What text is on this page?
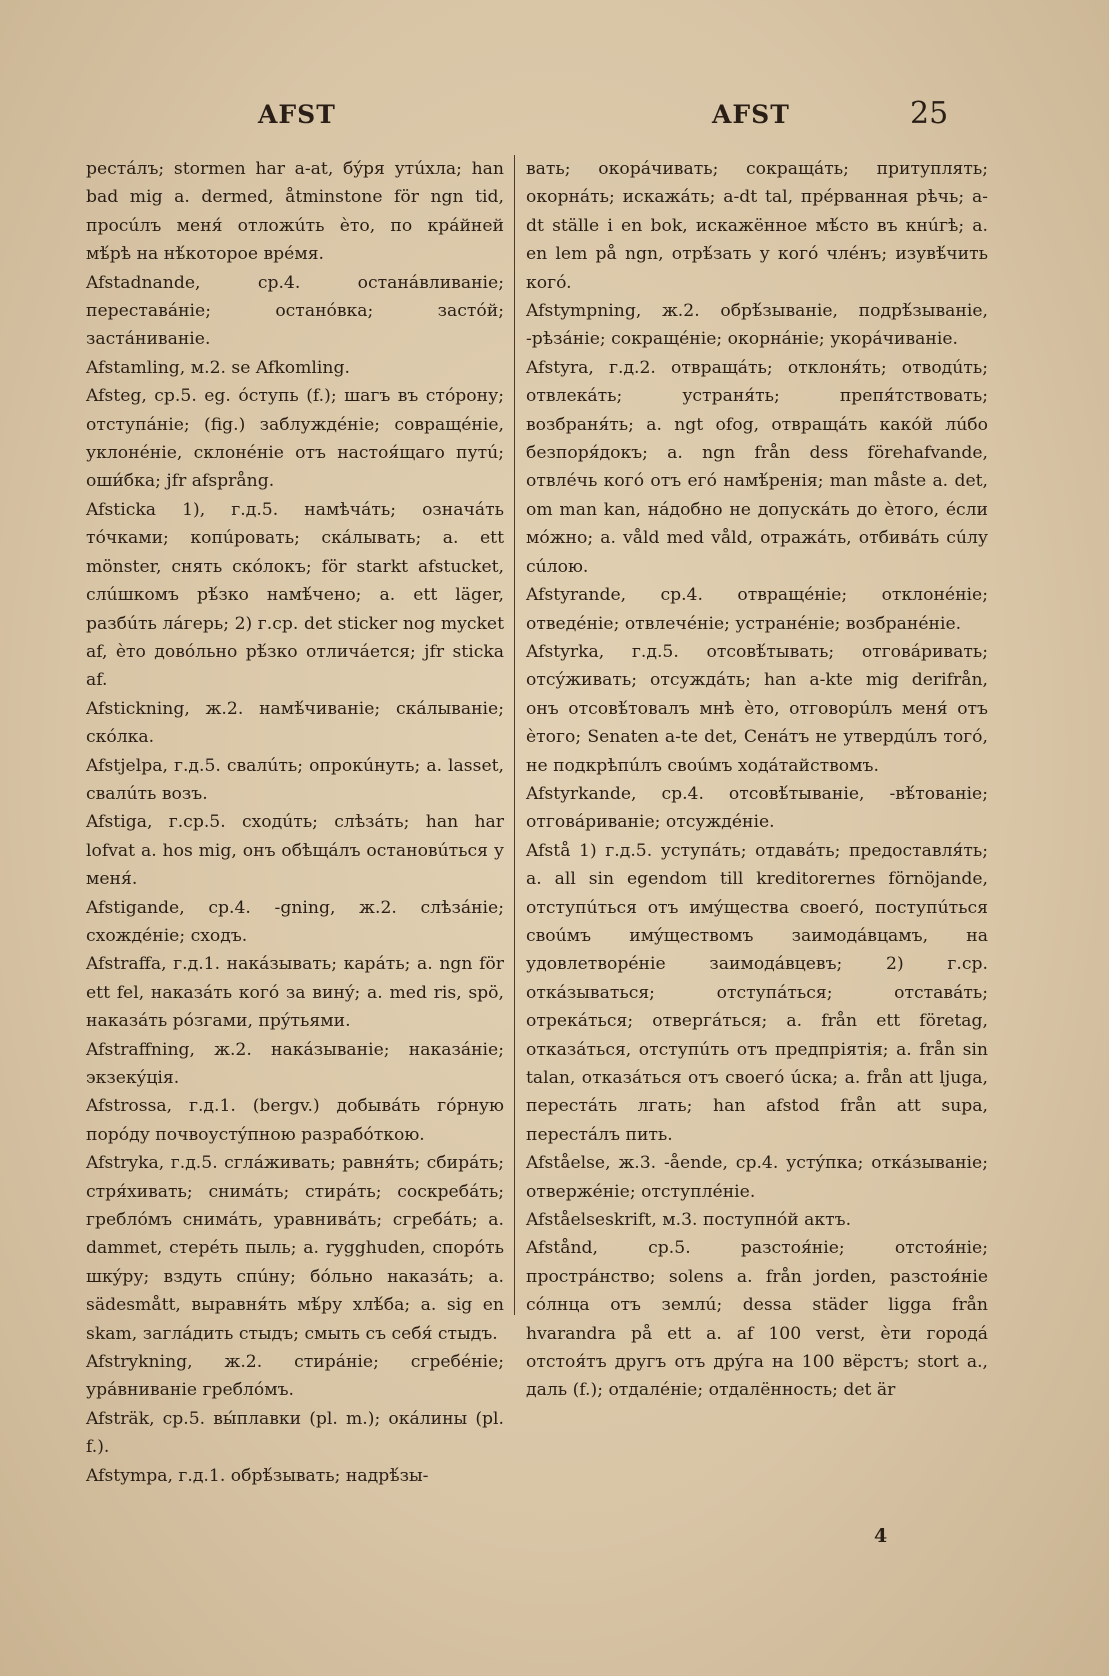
AFST	AFST	25

рестáлъ; stormen har a-at, бýря утúхла; han bad mig a. dermed, åtminstone för ngn tid, просúлъ меня́ отложúть ѐто, по крáйней мѣ́рѣ на нѣ́которое врéмя.

Afstadnande, ср.4. останáвливаніе; переставáніе; останóвка; застóй; застáниваніе.

Afstamling, м.2. se Afkomling.

Afsteg, ср.5. eg. óступь (f.); шагъ въ стóрону; отступáніе; (fig.) заблуждéніе; совращéніе, уклонéніе, склонéніе отъ настоя́щаго путú; оши́бка; jfr afsprång.

Afsticka 1), г.д.5. намѣчáть; означáть тóчками; копúровать; скáлывать; a. ett mönster, снять скóлокъ; för starkt afstucket, слúшкомъ рѣ́зко намѣ́чено; a. ett läger, разбúть лáгерь; 2) г.ср. det sticker nog mycket af, ѐто довóльно рѣ́зко отличáется; jfr sticka af.

Afstickning, ж.2. намѣ́чиваніе; скáлываніе; скóлка.

Afstjelpa, г.д.5. свалúть; опрокúнуть; a. lasset, свалúть возъ.

Afstiga, г.ср.5. сходúть; слѣзáть; han har lofvat a. hos mig, онъ обѣщáлъ остановúться у меня́.

Afstigande, ср.4. -gning, ж.2. слѣзáніе; схождéніе; сходъ.

Afstraffa, г.д.1. накáзывать; карáть; a. ngn för ett fel, наказáть когó за винý; a. med ris, spö, наказáть рóзгами, прýтьями.

Afstraffning, ж.2. накáзываніе; наказáніе; экзекýція.

Afstrossa, г.д.1. (bergv.) добывáть гóрную порóду почвоустýпною разрабóткою.

Afstryka, г.д.5. сглáживать; равня́ть; сбирáть; стря́хивать; снимáть; стирáть; соскребáть; греблóмъ снимáть, уравнивáть; сгребáть; a. dammet, стерéть пыль; a. rygghuden, спорóть шкýру; вздуть спúну; бóльно наказáть; a. sädesmått, выравня́ть мѣ́ру хлѣ́ба; a. sig en skam, заглáдить стыдъ; смыть съ себя́ стыдъ.

Afstrykning, ж.2. стирáніе; сгребéніе; урáвниваніе греблóмъ.

Afsträk, ср.5. вы́плавки (pl. m.); окáлины (pl. f.).

Afstympa, г.д.1. обрѣ́зывать; надрѣ́зы-

вать; окорáчивать; сокращáть; притуплять; окорнáть; искажáть; a-dt tal, прéрванная рѣчь; a-dt ställe i en bok, искажённое мѣ́сто въ кнúгѣ; a. en lem på ngn, отрѣ́зать у когó члéнъ; изувѣ́чить когó.

Afstympning, ж.2. обрѣ́зываніе, подрѣ́зываніе, -рѣзáніе; сокращéніе; окорнáніе; укорáчиваніе.

Afstyra, г.д.2. отвращáть; отклоня́ть; отводúть; отвлекáть; устраня́ть; препя́тствовать; возбраня́ть; a. ngt ofog, отвращáть какóй лúбо безпоря́докъ; a. ngn från dess förehafvande, отвлéчь когó отъ егó намѣ́ренія; man måste a. det, om man kan, нáдобно не допускáть до ѐтого, éсли мóжно; a. våld med våld, отражáть, отбивáть сúлу сúлою.

Afstyrande, ср.4. отвращéніе; отклонéніе; отведéніе; отвлечéніе; устранéніе; возбранéніе.

Afstyrka, г.д.5. отсовѣ́тывать; отговáривать; отсýживать; отсуждáть; han a-kte mig derifrån, онъ отсовѣ́товалъ мнѣ ѐто, отговорúлъ меня́ отъ ѐтого; Senaten a-te det, Сенáтъ не утвердúлъ тогó, не подкрѣпúлъ своúмъ ходáтайствомъ.

Afstyrkande, ср.4. отсовѣ́тываніе, -вѣ́тованіе; отговáриваніе; отсуждéніе.

Afstå 1) г.д.5. уступáть; отдавáть; предоставля́ть; a. all sin egendom till kreditorernes förnöjande, отступúться отъ имýщества своегó, поступúться своúмъ имýществомъ заимодáвцамъ, на удовлетворéніе заимодáвцевъ; 2) г.ср. откáзываться; отступáться; отставáть; отрекáться; отвергáться; a. från ett företag, отказáться, отступúть отъ предпріятія; a. från sin talan, отказáться отъ своегó úска; a. från att ljuga, перестáть лгать; han afstod från att supa, перестáлъ пить.

Afståelse, ж.3. -ående, ср.4. устýпка; откáзываніе; отвержéніе; отступлéніе.

Afståelseskrift, м.3. поступнóй актъ.

Afstånd, ср.5. разстоя́ніе; отстоя́ніе; прострáнство; solens a. från jorden, разстоя́ніе сóлнца отъ землú; dessa städer ligga från hvarandra på ett a. af 100 verst, ѐти городá отстоя́тъ другъ отъ дрýга на 100 вёрстъ; stort a., даль (f.); отдалéніе; отдалённость; det är

4
